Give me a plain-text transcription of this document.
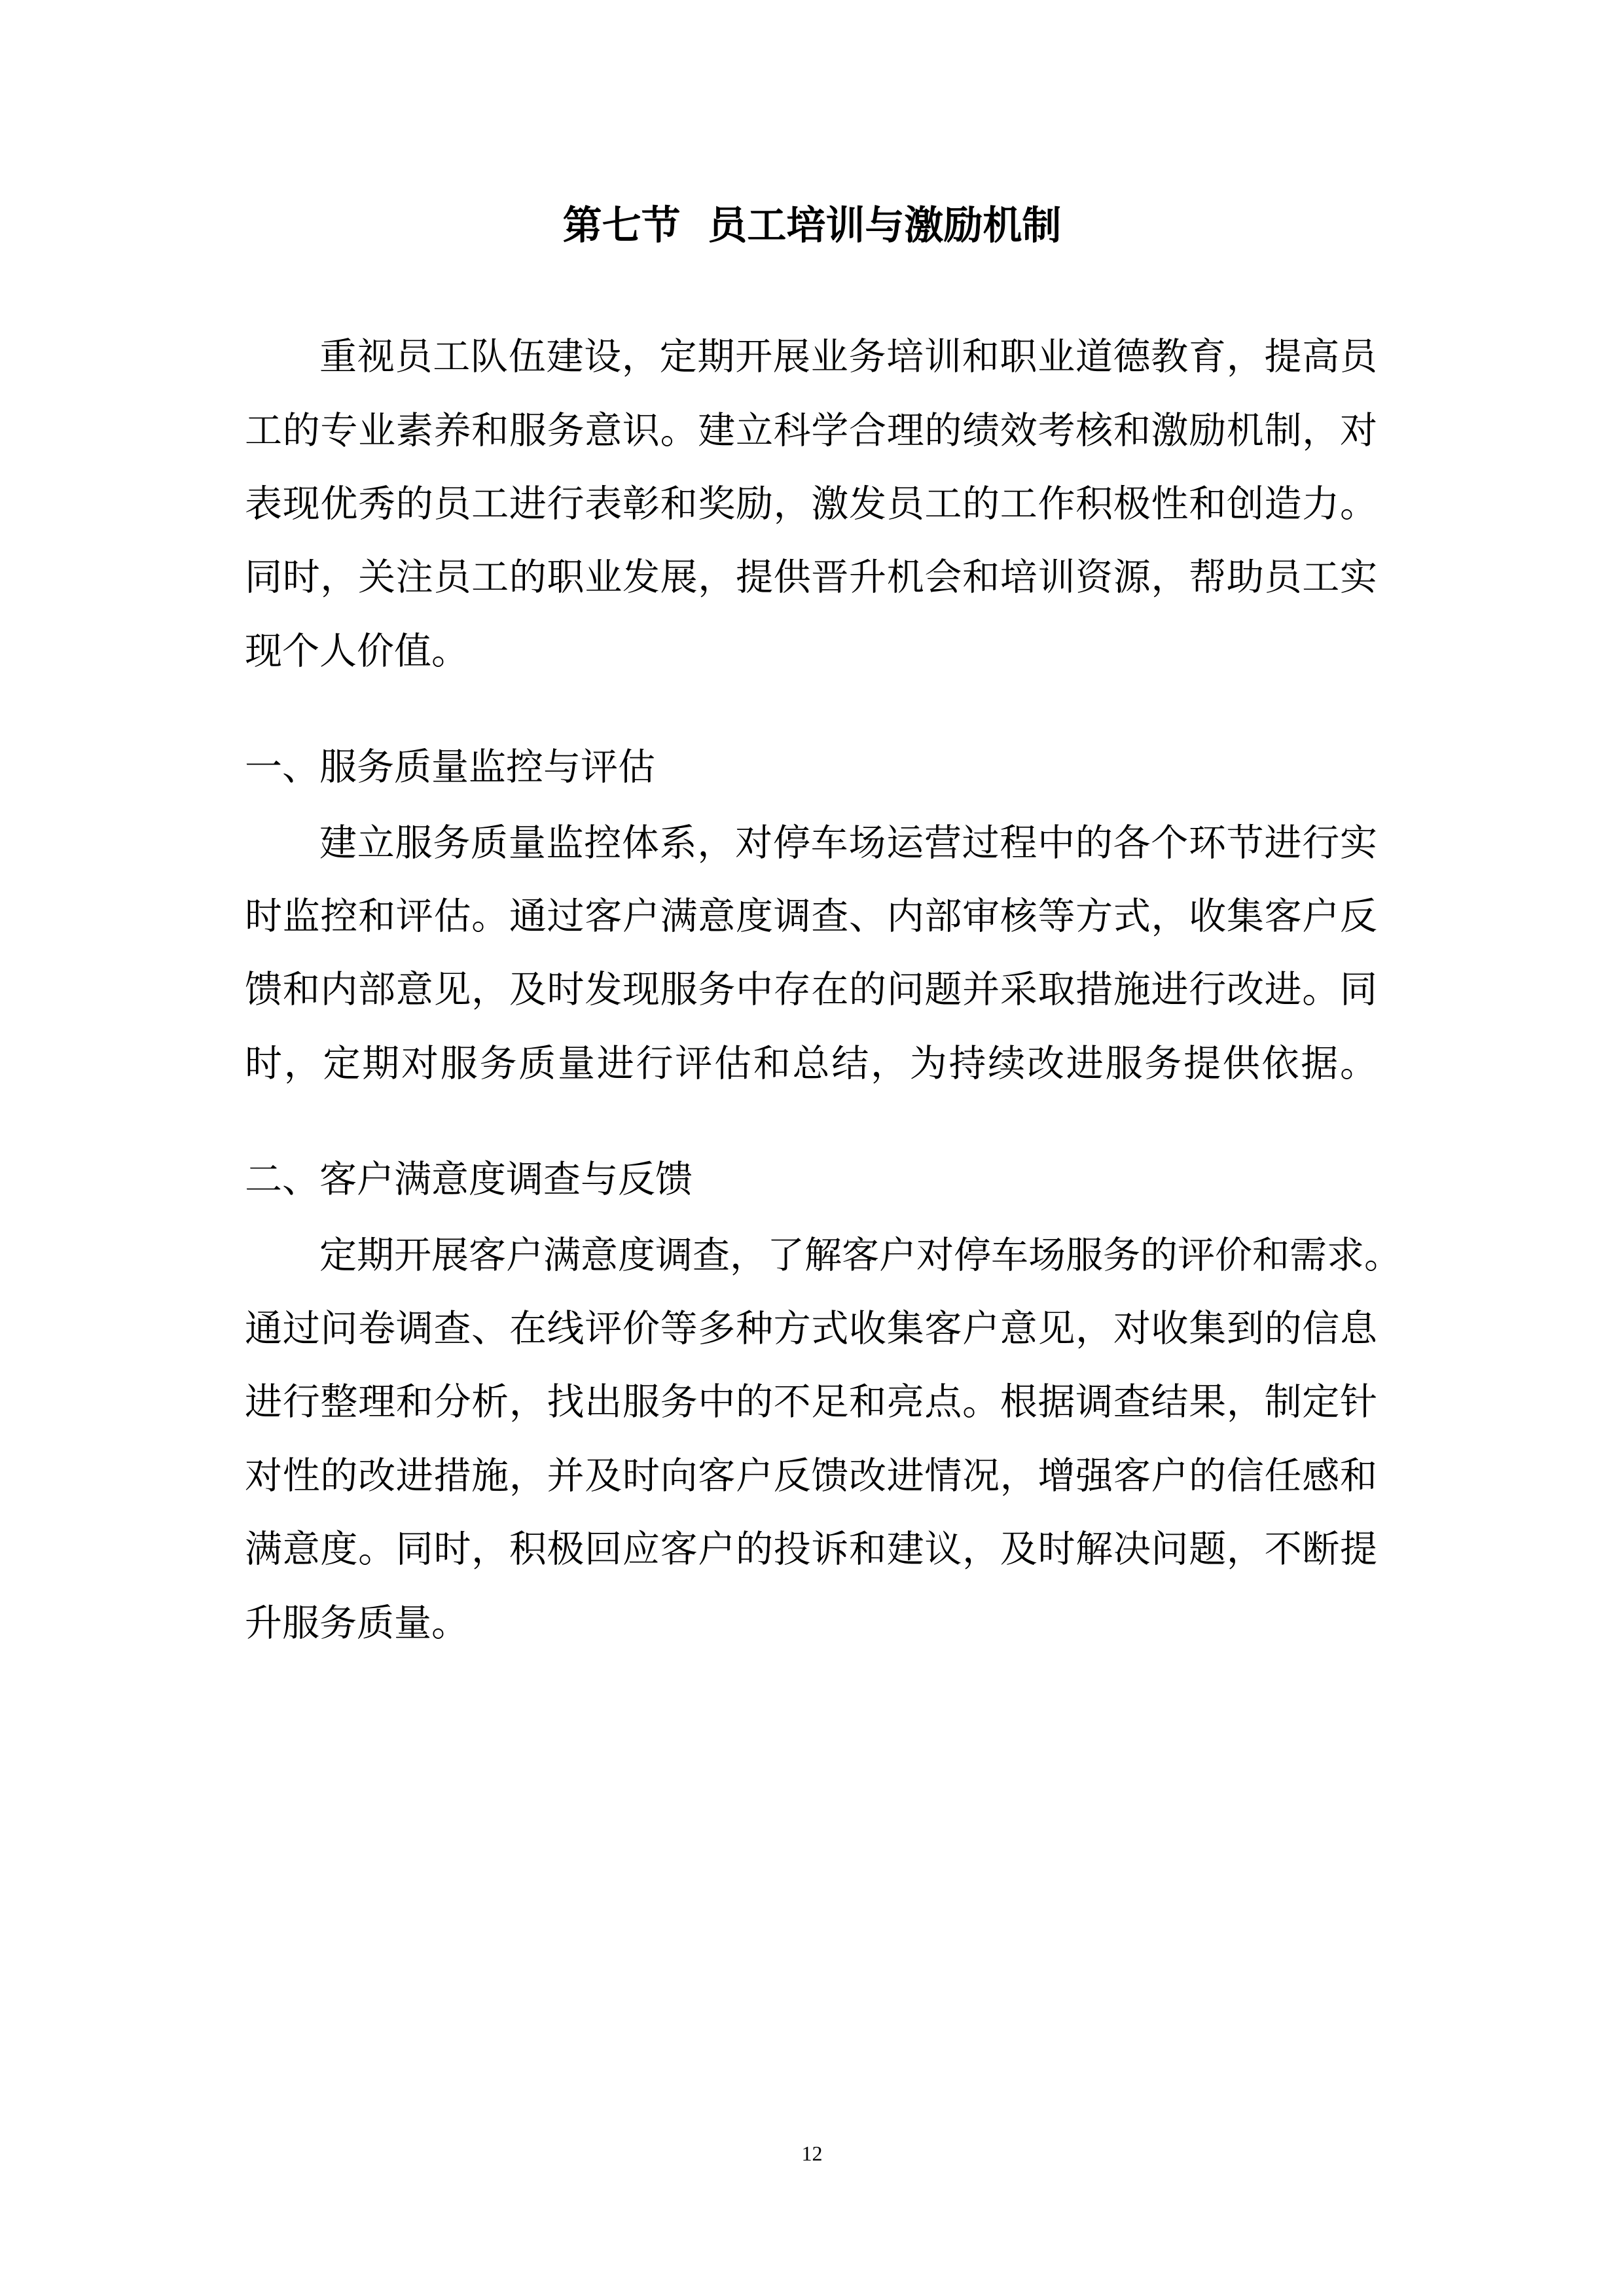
第七节  员工培训与激励机制
重视员工队伍建设，定期开展业务培训和职业道德教育，提高员
工的专业素养和服务意识。建立科学合理的绩效考核和激励机制，对
表现优秀的员工进行表彰和奖励，激发员工的工作积极性和创造力。
同时，关注员工的职业发展，提供晋升机会和培训资源，帮助员工实
现个人价值。
一、服务质量监控与评估
建立服务质量监控体系，对停车场运营过程中的各个环节进行实
时监控和评估。通过客户满意度调查、内部审核等方式，收集客户反
馈和内部意见，及时发现服务中存在的问题并采取措施进行改进。同
时，定期对服务质量进行评估和总结，为持续改进服务提供依据。
二、客户满意度调查与反馈
定期开展客户满意度调查，了解客户对停车场服务的评价和需求。
通过问卷调查、在线评价等多种方式收集客户意见，对收集到的信息
进行整理和分析，找出服务中的不足和亮点。根据调查结果，制定针
对性的改进措施，并及时向客户反馈改进情况，增强客户的信任感和
满意度。同时，积极回应客户的投诉和建议，及时解决问题，不断提
升服务质量。
12
